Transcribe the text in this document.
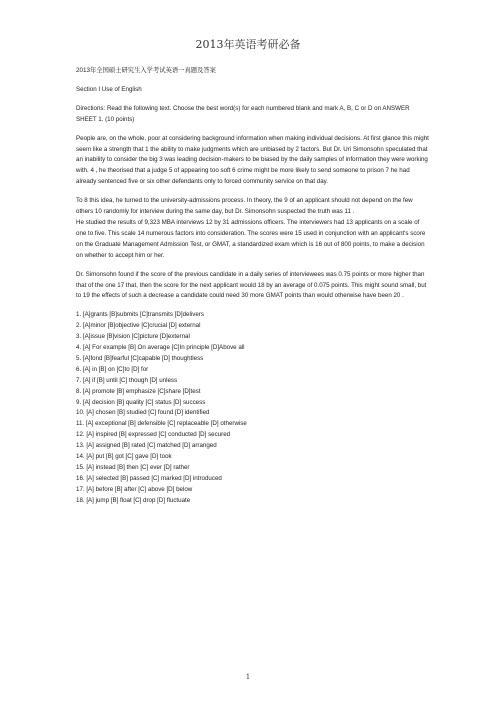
2013年英语考研必备

2013年全国硕士研究生入学考试英语一真题及答案

Section I Use of English

Directions: Read the following text. Choose the best word(s) for each numbered blank and mark A, B, C or D on ANSWER SHEET 1. (10 points)

People are, on the whole, poor at considering background information when making individual decisions. At first glance this might seem like a strength that 1 the ability to make judgments which are unbiased by 2 factors. But Dr. Uri Simonsohn speculated that an inability to consider the big 3 was leading decision-makers to be biased by the daily samples of information they were working with. 4 , he theorised that a judge 5 of appearing too soft 6 crime might be more likely to send someone to prison 7 he had already sentenced five or six other defendants only to forced community service on that day.

To 8 this idea, he turned to the university-admissions process. In theory, the 9 of an applicant should not depend on the few others 10 randomly for interview during the same day, but Dr. Simonsohn suspected the truth was 11 .

He studied the results of 9,323 MBA interviews 12 by 31 admissions officers. The interviewers had 13 applicants on a scale of one to five. This scale 14 numerous factors into consideration. The scores were 15 used in conjunction with an applicant's score on the Graduate Management Admission Test, or GMAT, a standardized exam which is 16 out of 800 points, to make a decision on whether to accept him or her.

Dr. Simonsohn found if the score of the previous candidate in a daily series of interviewees was 0.75 points or more higher than that of the one 17 that, then the score for the next applicant would 18 by an average of 0.075 points. This might sound small, but to 19 the effects of such a decrease a candidate could need 30 more GMAT points than would otherwise have been 20 .

1. [A]grants [B]submits [C]transmits [D]delivers
2. [A]minor [B]objective [C]crucial [D] external
3. [A]issue [B]vision [C]picture [D]external
4. [A] For example [B] On average [C]In principle [D]Above all
5. [A]fond [B]fearful [C]capable [D] thoughtless
6. [A] in [B] on [C]to [D] for
7. [A] if [B] until [C] though [D] unless
8. [A] promote [B] emphasize [C]share [D]test
9. [A] decision [B] quality [C] status [D] success
10. [A] chosen [B] studied [C] found [D] identified
11. [A] exceptional [B] defensible [C] replaceable [D] otherwise
12. [A] inspired [B] expressed [C] conducted [D] secured
13. [A] assigned [B] rated [C] matched [D] arranged
14. [A] put [B] got [C] gave [D] took
15. [A] instead [B] then [C] ever [D] rather
16. [A] selected [B] passed [C] marked [D] introduced
17. [A] before [B] after [C] above [D] below
18. [A] jump [B] float [C] drop [D] fluctuate
1
